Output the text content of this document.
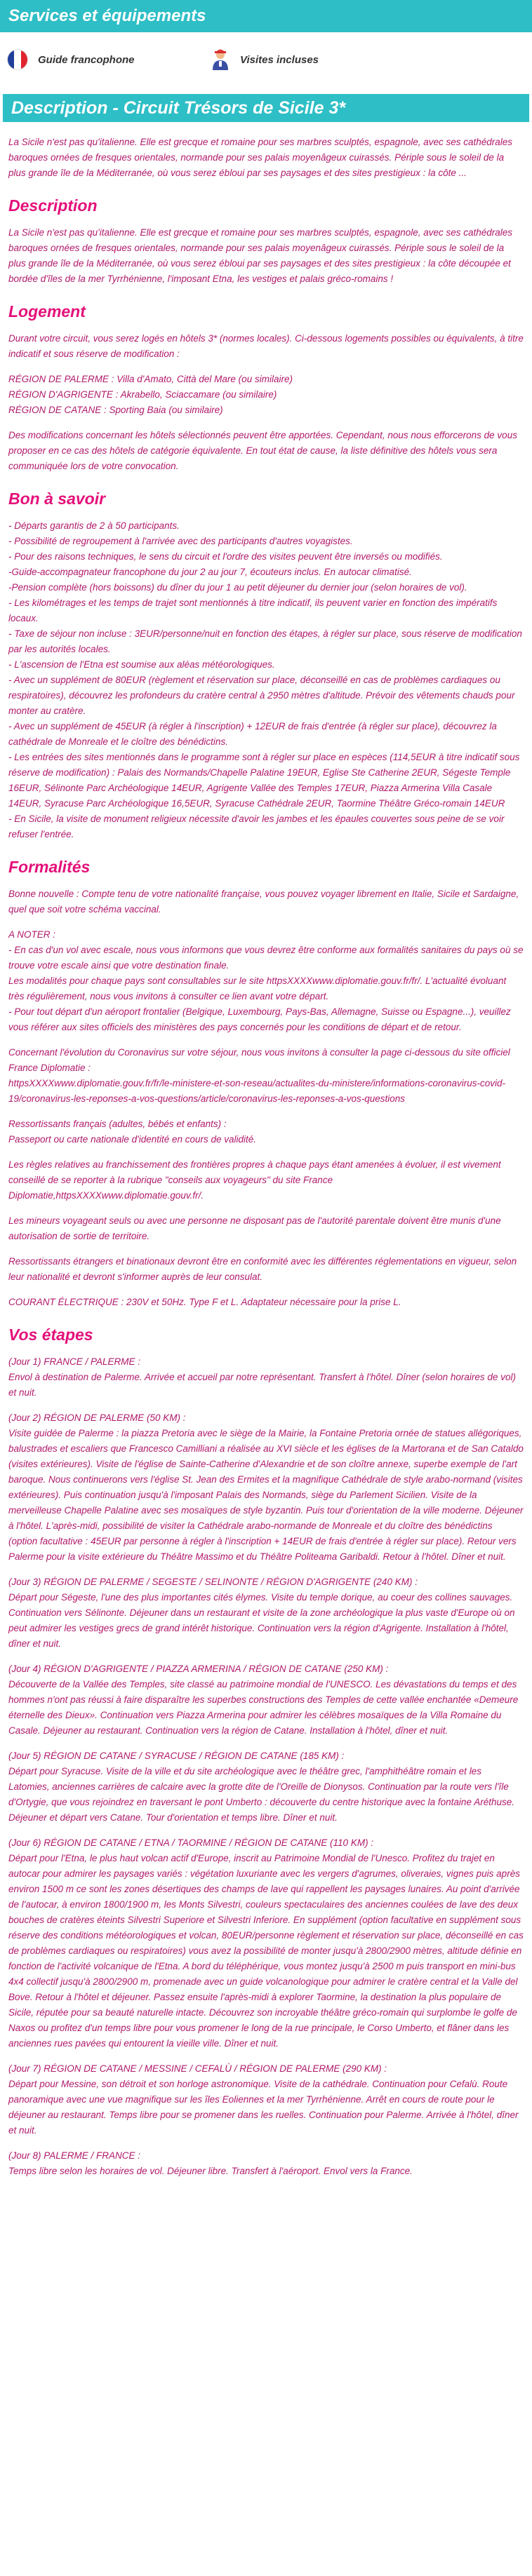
Services et équipements
Guide francophone	Visites incluses
Description - Circuit Trésors de Sicile 3*

La Sicile n'est pas qu'italienne. Elle est grecque et romaine pour ses marbres sculptés, espagnole, avec ses cathédrales baroques ornées de fresques orientales, normande pour ses palais moyenâgeux cuirassés. Périple sous le soleil de la plus grande île de la Méditerranée, où vous serez ébloui par ses paysages et des sites prestigieux : la côte ...

Description

La Sicile n'est pas qu'italienne. Elle est grecque et romaine pour ses marbres sculptés, espagnole, avec ses cathédrales baroques ornées de fresques orientales, normande pour ses palais moyenâgeux cuirassés. Périple sous le soleil de la plus grande île de la Méditerranée, où vous serez ébloui par ses paysages et des sites prestigieux : la côte découpée et bordée d'îles de la mer Tyrrhénienne, l'imposant Etna, les vestiges et palais gréco-romains !

Logement

Durant votre circuit, vous serez logés en hôtels 3* (normes locales). Ci-dessous logements possibles ou équivalents, à titre indicatif et sous réserve de modification :

RÉGION DE PALERME : Villa d'Amato, Città del Mare (ou similaire)
RÉGION D'AGRIGENTE : Akrabello, Sciaccamare (ou similaire)
RÉGION DE CATANE : Sporting Baia (ou similaire)

Des modifications concernant les hôtels sélectionnés peuvent être apportées. Cependant, nous nous efforcerons de vous proposer en ce cas des hôtels de catégorie équivalente. En tout état de cause, la liste définitive des hôtels vous sera communiquée lors de votre convocation.

Bon à savoir

- Départs garantis de 2 à 50 participants.
- Possibilité de regroupement à l'arrivée avec des participants d'autres voyagistes.
- Pour des raisons techniques, le sens du circuit et l'ordre des visites peuvent être inversés ou modifiés.
-Guide-accompagnateur francophone du jour 2 au jour 7, écouteurs inclus. En autocar climatisé.
-Pension complète (hors boissons) du dîner du jour 1 au petit déjeuner du dernier jour (selon horaires de vol).
- Les kilométrages et les temps de trajet sont mentionnés à titre indicatif, ils peuvent varier en fonction des impératifs locaux.
- Taxe de séjour non incluse : 3EUR/personne/nuit en fonction des étapes, à régler sur place, sous réserve de modification par les autorités locales.
- L'ascension de l'Etna est soumise aux aléas météorologiques.
- Avec un supplément de 80EUR (règlement et réservation sur place, déconseillé en cas de problèmes cardiaques ou respiratoires), découvrez les profondeurs du cratère central à 2950 mètres d'altitude. Prévoir des vêtements chauds pour monter au cratère.
- Avec un supplément de 45EUR (à régler à l'inscription) + 12EUR de frais d'entrée (à régler sur place), découvrez la cathédrale de Monreale et le cloître des bénédictins.
- Les entrées des sites mentionnés dans le programme sont à régler sur place en espèces (114,5EUR à titre indicatif sous réserve de modification) : Palais des Normands/Chapelle Palatine 19EUR, Eglise Ste Catherine 2EUR, Ségeste Temple 16EUR, Sélinonte Parc Archéologique 14EUR, Agrigente Vallée des Temples 17EUR, Piazza Armerina Villa Casale 14EUR, Syracuse Parc Archéologique 16,5EUR, Syracuse Cathédrale 2EUR, Taormine Théâtre Gréco-romain 14EUR
- En Sicile, la visite de monument religieux nécessite d'avoir les jambes et les épaules couvertes sous peine de se voir refuser l'entrée.

Formalités

Bonne nouvelle : Compte tenu de votre nationalité française, vous pouvez voyager librement en Italie, Sicile et Sardaigne, quel que soit votre schéma vaccinal.

A NOTER :
- En cas d'un vol avec escale, nous vous informons que vous devrez être conforme aux formalités sanitaires du pays où se trouve votre escale ainsi que votre destination finale.
Les modalités pour chaque pays sont consultables sur le site httpsXXXXwww.diplomatie.gouv.fr/fr/. L'actualité évoluant très régulièrement, nous vous invitons à consulter ce lien avant votre départ.
- Pour tout départ d'un aéroport frontalier (Belgique, Luxembourg, Pays-Bas, Allemagne, Suisse ou Espagne...), veuillez vous référer aux sites officiels des ministères des pays concernés pour les conditions de départ et de retour.

Concernant l'évolution du Coronavirus sur votre séjour, nous vous invitons à consulter la page ci-dessous du site officiel France Diplomatie :
httpsXXXXwww.diplomatie.gouv.fr/fr/le-ministere-et-son-reseau/actualites-du-ministere/informations-coronavirus-covid-19/coronavirus-les-reponses-a-vos-questions/article/coronavirus-les-reponses-a-vos-questions

Ressortissants français (adultes, bébés et enfants) :
Passeport ou carte nationale d'identité en cours de validité.

Les règles relatives au franchissement des frontières propres à chaque pays étant amenées à évoluer, il est vivement conseillé de se reporter à la rubrique "conseils aux voyageurs" du site France Diplomatie,httpsXXXXwww.diplomatie.gouv.fr/.

Les mineurs voyageant seuls ou avec une personne ne disposant pas de l'autorité parentale doivent être munis d'une autorisation de sortie de territoire.

Ressortissants étrangers et binationaux devront être en conformité avec les différentes réglementations en vigueur, selon leur nationalité et devront s'informer auprès de leur consulat.

COURANT ÉLECTRIQUE : 230V et 50Hz. Type F et L. Adaptateur nécessaire pour la prise L.

Vos étapes

(Jour 1) FRANCE / PALERME :
Envol à destination de Palerme. Arrivée et accueil par notre représentant. Transfert à l'hôtel. Dîner (selon horaires de vol) et nuit.

(Jour 2) RÉGION DE PALERME (50 KM) :
Visite guidée de Palerme : la piazza Pretoria avec le siège de la Mairie, la Fontaine Pretoria ornée de statues allégoriques, balustrades et escaliers que Francesco Camilliani a réalisée au XVI siècle et les églises de la Martorana et de San Cataldo (visites extérieures). Visite de l'église de Sainte-Catherine d'Alexandrie et de son cloître annexe, superbe exemple de l'art baroque. Nous continuerons vers l'église St. Jean des Ermites et la magnifique Cathédrale de style arabo-normand (visites extérieures). Puis continuation jusqu'à l'imposant Palais des Normands, siège du Parlement Sicilien. Visite de la merveilleuse Chapelle Palatine avec ses mosaïques de style byzantin. Puis tour d'orientation de la ville moderne. Déjeuner à l'hôtel. L'après-midi, possibilité de visiter la Cathédrale arabo-normande de Monreale et du cloître des bénédictins (option facultative : 45EUR par personne à régler à l'inscription + 14EUR de frais d'entrée à régler sur place). Retour vers Palerme pour la visite extérieure du Théâtre Massimo et du Théâtre Politeama Garibaldi. Retour à l'hôtel. Dîner et nuit.

(Jour 3) RÉGION DE PALERME / SEGESTE / SELINONTE / RÉGION D'AGRIGENTE (240 KM) :
Départ pour Ségeste, l'une des plus importantes cités élymes. Visite du temple dorique, au coeur des collines sauvages. Continuation vers Sélinonte. Déjeuner dans un restaurant et visite de la zone archéologique la plus vaste d'Europe où on peut admirer les vestiges grecs de grand intérêt historique. Continuation vers la région d'Agrigente. Installation à l'hôtel, dîner et nuit.

(Jour 4) RÉGION D'AGRIGENTE / PIAZZA ARMERINA / RÉGION DE CATANE (250 KM) :
Découverte de la Vallée des Temples, site classé au patrimoine mondial de l'UNESCO. Les dévastations du temps et des hommes n'ont pas réussi à faire disparaître les superbes constructions des Temples de cette vallée enchantée «Demeure éternelle des Dieux». Continuation vers Piazza Armerina pour admirer les célèbres mosaïques de la Villa Romaine du Casale. Déjeuner au restaurant. Continuation vers la région de Catane. Installation à l'hôtel, dîner et nuit.

(Jour 5) RÉGION DE CATANE / SYRACUSE / RÉGION DE CATANE (185 KM) :
Départ pour Syracuse. Visite de la ville et du site archéologique avec le théâtre grec, l'amphithéâtre romain et les Latomies, anciennes carrières de calcaire avec la grotte dite de l'Oreille de Dionysos. Continuation par la route vers l'île d'Ortygie, que vous rejoindrez en traversant le pont Umberto : découverte du centre historique avec la fontaine Aréthuse. Déjeuner et départ vers Catane. Tour d'orientation et temps libre. Dîner et nuit.

(Jour 6) RÉGION DE CATANE / ETNA / TAORMINE / RÉGION DE CATANE (110 KM) :
Départ pour l'Etna, le plus haut volcan actif d'Europe, inscrit au Patrimoine Mondial de l'Unesco. Profitez du trajet en autocar pour admirer les paysages variés : végétation luxuriante avec les vergers d'agrumes, oliveraies, vignes puis après environ 1500 m ce sont les zones désertiques des champs de lave qui rappellent les paysages lunaires. Au point d'arrivée de l'autocar, à environ 1800/1900 m, les Monts Silvestri, couleurs spectaculaires des anciennes coulées de lave des deux bouches de cratères éteints Silvestri Superiore et Silvestri Inferiore. En supplément (option facultative en supplément sous réserve des conditions météorologiques et volcan, 80EUR/personne règlement et réservation sur place, déconseillé en cas de problèmes cardiaques ou respiratoires) vous avez la possibilité de monter jusqu'à 2800/2900 mètres, altitude définie en fonction de l'activité volcanique de l'Etna. A bord du téléphérique, vous montez jusqu'à 2500 m puis transport en mini-bus 4x4 collectif jusqu'à 2800/2900 m, promenade avec un guide volcanologique pour admirer le cratère central et la Valle del Bove. Retour à l'hôtel et déjeuner. Passez ensuite l'après-midi à explorer Taormine, la destination la plus populaire de Sicile, réputée pour sa beauté naturelle intacte. Découvrez son incroyable théâtre gréco-romain qui surplombe le golfe de Naxos ou profitez d'un temps libre pour vous promener le long de la rue principale, le Corso Umberto, et flâner dans les anciennes rues pavées qui entourent la vieille ville. Dîner et nuit.

(Jour 7) RÉGION DE CATANE / MESSINE / CEFALÙ / RÉGION DE PALERME (290 KM) :
Départ pour Messine, son détroit et son horloge astronomique. Visite de la cathédrale. Continuation pour Cefalù. Route panoramique avec une vue magnifique sur les îles Eoliennes et la mer Tyrrhénienne. Arrêt en cours de route pour le déjeuner au restaurant. Temps libre pour se promener dans les ruelles. Continuation pour Palerme. Arrivée à l'hôtel, dîner et nuit.

(Jour 8) PALERME / FRANCE :
Temps libre selon les horaires de vol. Déjeuner libre. Transfert à l'aéroport. Envol vers la France.
